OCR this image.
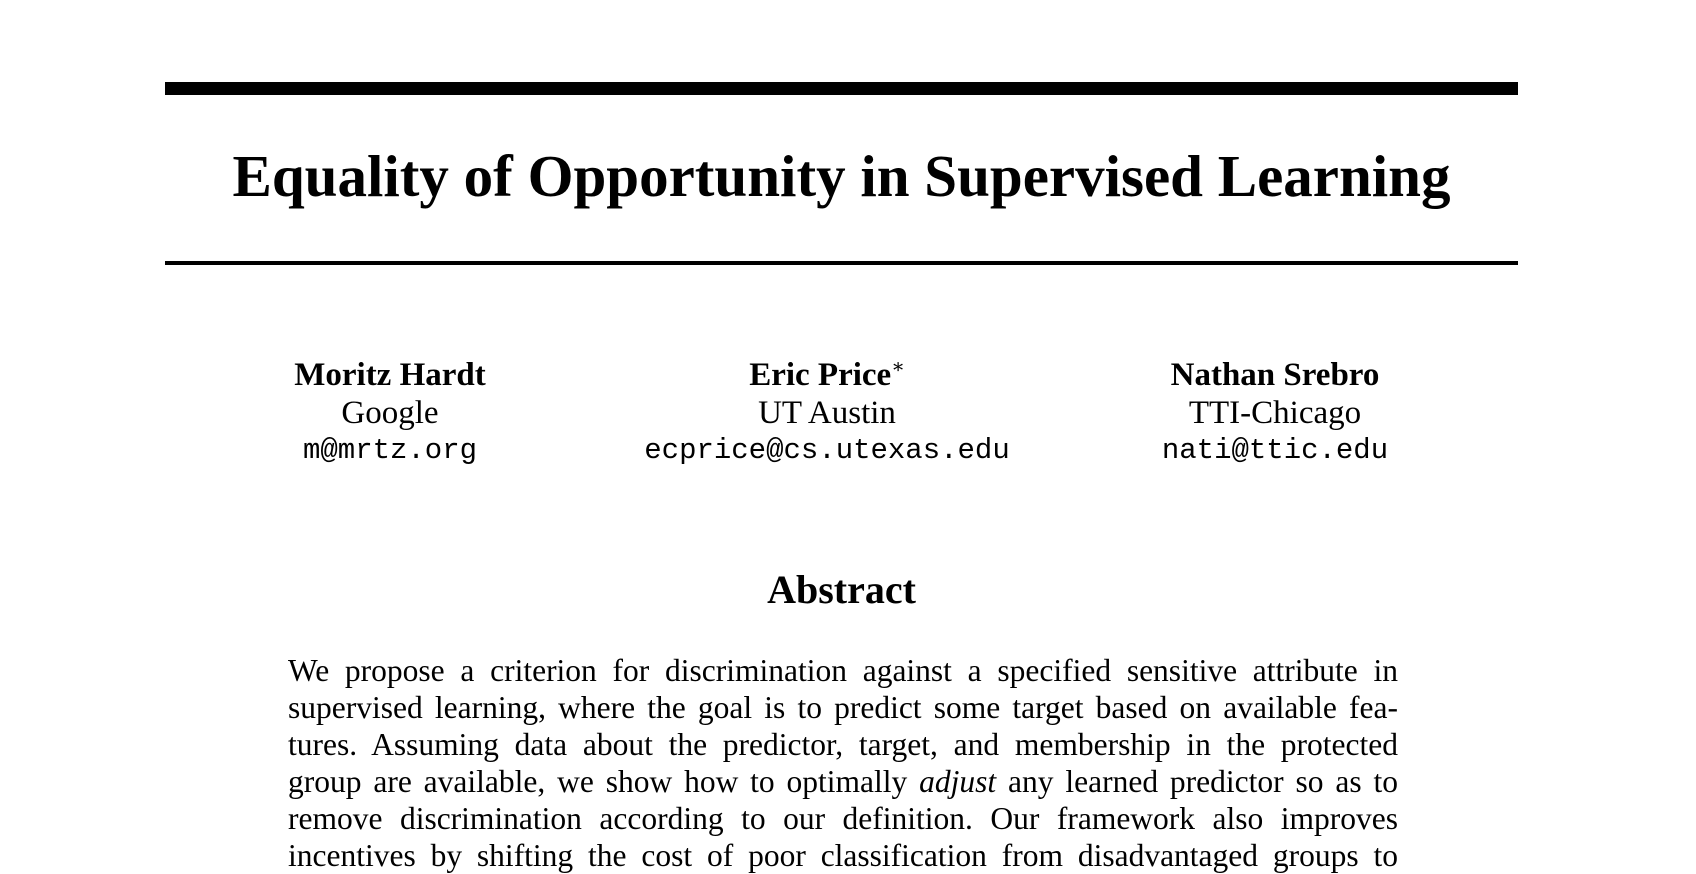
Equality of Opportunity in Supervised Learning
Moritz Hardt
Google
m@mrtz.org
Eric Price∗
UT Austin
ecprice@cs.utexas.edu
Nathan Srebro
TTI-Chicago
nati@ttic.edu
Abstract
We propose a criterion for discrimination against a specified sensitive attribute in
supervised learning, where the goal is to predict some target based on available fea-
tures. Assuming data about the predictor, target, and membership in the protected
group are available, we show how to optimally adjust any learned predictor so as to
remove discrimination according to our definition. Our framework also improves
incentives by shifting the cost of poor classification from disadvantaged groups to
